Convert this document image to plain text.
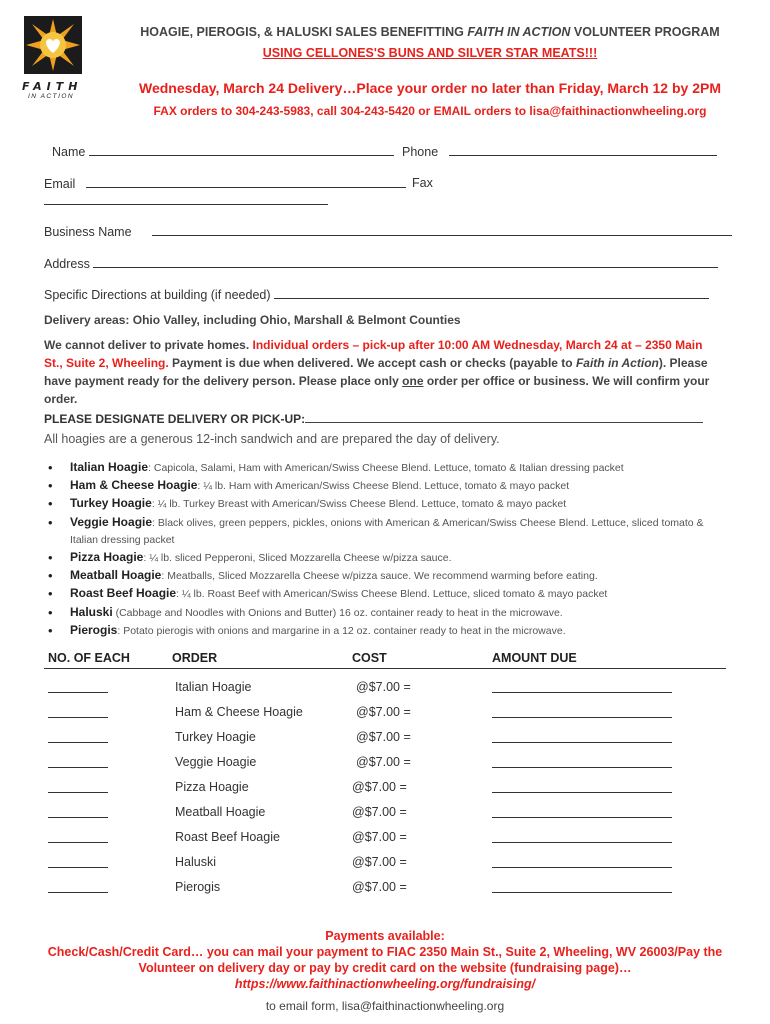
FAITH
IN ACTION
HOAGIE, PIEROGIS, & HALUSKI SALES BENEFITTING FAITH IN ACTION VOLUNTEER PROGRAM
USING CELLONES'S BUNS AND SILVER STAR MEATS!!!
Wednesday, March 24 Delivery…Place your order no later than Friday, March 12 by 2PM
FAX orders to 304-243-5983, call 304-243-5420 or EMAIL orders to lisa@faithinactionwheeling.org
Name	Phone
Email	Fax
Business Name
Address
Specific Directions at building (if needed)
Delivery areas: Ohio Valley, including Ohio, Marshall & Belmont Counties
We cannot deliver to private homes. Individual orders – pick-up after 10:00 AM Wednesday, March 24 at – 2350 Main St., Suite 2, Wheeling. Payment is due when delivered. We accept cash or checks (payable to Faith in Action). Please have payment ready for the delivery person. Please place only one order per office or business. We will confirm your order.
PLEASE DESIGNATE DELIVERY OR PICK-UP:
All hoagies are a generous 12-inch sandwich and are prepared the day of delivery.
• Italian Hoagie: Capicola, Salami, Ham with American/Swiss Cheese Blend. Lettuce, tomato & Italian dressing packet
• Ham & Cheese Hoagie: ¼ lb. Ham with American/Swiss Cheese Blend. Lettuce, tomato & mayo packet
• Turkey Hoagie: ¼ lb. Turkey Breast with American/Swiss Cheese Blend. Lettuce, tomato & mayo packet
• Veggie Hoagie: Black olives, green peppers, pickles, onions with American & American/Swiss Cheese Blend. Lettuce, sliced tomato & Italian dressing packet
• Pizza Hoagie: ¼ lb. sliced Pepperoni, Sliced Mozzarella Cheese w/pizza sauce.
• Meatball Hoagie: Meatballs, Sliced Mozzarella Cheese w/pizza sauce. We recommend warming before eating.
• Roast Beef Hoagie: ¼ lb. Roast Beef with American/Swiss Cheese Blend. Lettuce, sliced tomato & mayo packet
• Haluski (Cabbage and Noodles with Onions and Butter) 16 oz. container ready to heat in the microwave.
• Pierogis: Potato pierogis with onions and margarine in a 12 oz. container ready to heat in the microwave.
NO. OF EACH	ORDER	COST	AMOUNT DUE
Italian Hoagie	@$7.00 =
Ham & Cheese Hoagie	@$7.00 =
Turkey Hoagie	@$7.00 =
Veggie Hoagie	@$7.00 =
Pizza Hoagie	@$7.00 =
Meatball Hoagie	@$7.00 =
Roast Beef Hoagie	@$7.00 =
Haluski	@$7.00 =
Pierogis	@$7.00 =
Payments available:
Check/Cash/Credit Card… you can mail your payment to FIAC 2350 Main St., Suite 2, Wheeling, WV 26003/Pay the
Volunteer on delivery day or pay by credit card on the website (fundraising page)…
https://www.faithinactionwheeling.org/fundraising/
to email form, lisa@faithinactionwheeling.org
